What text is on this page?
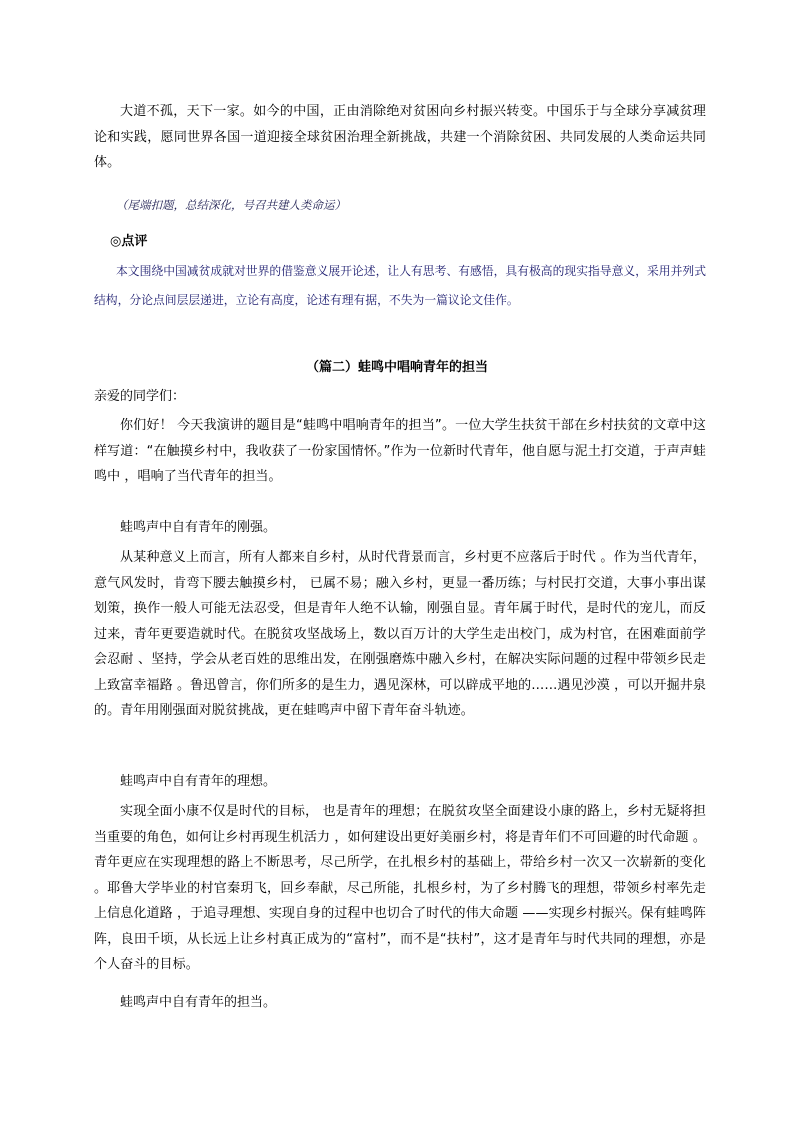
大道不孤，天下一家。如今的中国，正由消除绝对贫困向乡村振兴转变。中国乐于与全球分享减贫理论和实践，愿同世界各国一道迎接全球贫困治理全新挑战，共建一个消除贫困、共同发展的人类命运共同体。

（尾端扣题，总结深化，号召共建人类命运）

◎点评

本文围绕中国减贫成就对世界的借鉴意义展开论述，让人有思考、有感悟，具有极高的现实指导意义，采用并列式结构，分论点间层层递进，立论有高度，论述有理有据，不失为一篇议论文佳作。

（篇二）蛙鸣中唱响青年的担当

亲爱的同学们：

你们好！ 今天我演讲的题目是“蛙鸣中唱响青年的担当”。一位大学生扶贫干部在乡村扶贫的文章中这样写道：“在触摸乡村中，我收获了一份家国情怀。”作为一位新时代青年，他自愿与泥土打交道，于声声蛙鸣中 ，唱响了当代青年的担当。

蛙鸣声中自有青年的刚强。

从某种意义上而言，所有人都来自乡村，从时代背景而言，乡村更不应落后于时代 。作为当代青年，意气风发时，肯弯下腰去触摸乡村， 已属不易；融入乡村，更显一番历练；与村民打交道，大事小事出谋划策，换作一般人可能无法忍受，但是青年人绝不认输，刚强自显。青年属于时代，是时代的宠儿，而反过来，青年更要造就时代。在脱贫攻坚战场上，数以百万计的大学生走出校门，成为村官，在困难面前学会忍耐 、坚持，学会从老百姓的思维出发，在刚强磨炼中融入乡村，在解决实际问题的过程中带领乡民走上致富幸福路 。鲁迅曾言，你们所多的是生力，遇见深林，可以辟成平地的……遇见沙漠 ，可以开掘井泉的。青年用刚强面对脱贫挑战，更在蛙鸣声中留下青年奋斗轨迹。

蛙鸣声中自有青年的理想。

实现全面小康不仅是时代的目标， 也是青年的理想；在脱贫攻坚全面建设小康的路上，乡村无疑将担当重要的角色，如何让乡村再现生机活力 ，如何建设出更好美丽乡村，将是青年们不可回避的时代命题 。青年更应在实现理想的路上不断思考，尽己所学，在扎根乡村的基础上，带给乡村一次又一次崭新的变化 。耶鲁大学毕业的村官秦玥飞，回乡奉献，尽己所能，扎根乡村，为了乡村腾飞的理想，带领乡村率先走上信息化道路 ，于追寻理想、实现自身的过程中也切合了时代的伟大命题 ——实现乡村振兴。保有蛙鸣阵阵，良田千顷，从长远上让乡村真正成为的“富村”，而不是“扶村”，这才是青年与时代共同的理想，亦是个人奋斗的目标。

蛙鸣声中自有青年的担当。
